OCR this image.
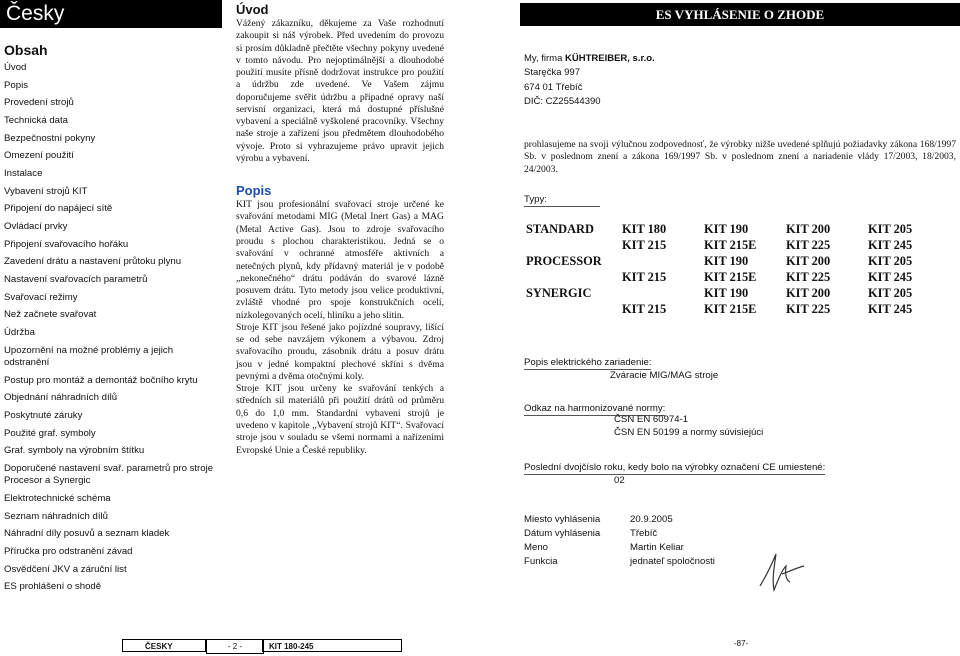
Česky
Obsah
Úvod
Popis
Provedení strojů
Technická data
Bezpečnostní pokyny
Omezení použití
Instalace
Vybavení strojů KIT
Připojení do napájecí sítě
Ovládací prvky
Připojení svařovacího hořáku
Zavedení drátu a nastavení průtoku plynu
Nastavení svařovacích parametrů
Svařovací režimy
Než začnete svařovat
Údržba
Upozornění na možné problémy a jejich odstranění
Postup pro montáž a demontáž bočního krytu
Objednání náhradních dílů
Poskytnuté záruky
Použité graf. symboly
Graf. symboly na výrobním štítku
Doporučené nastavení svař. parametrů pro stroje Procesor a Synergic
Elektrotechnické schéma
Seznam náhradních dílů
Náhradní díly posuvů a seznam kladek
Příručka pro odstranění závad
Osvědčení JKV a záruční list
ES prohlášení o shodě
Úvod

Vážený zákazníku, děkujeme za Vaše rozhodnutí zakoupit si náš výrobek. Před uvedením do provozu si prosím důkladně přečtěte všechny pokyny uvedené v tomto návodu. Pro nejoptimálnější a dlouhodobé použití musíte přísně dodržovat instrukce pro použití a údržbu zde uvedené. Ve Vašem zájmu doporučujeme svěřit údržbu a případné opravy naší servisní organizaci, která má dostupné příslušné vybavení a speciálně vyškolené pracovníky. Všechny naše stroje a zařízení jsou předmětem dlouhodobého vývoje. Proto si vyhrazujeme právo upravit jejich výrobu a vybavení.

Popis

KIT jsou profesionální svařovací stroje určené ke svařování metodami MIG (Metal Inert Gas) a MAG (Metal Active Gas). Jsou to zdroje svařovacího proudu s plochou charakteristikou. Jedná se o svařování v ochranné atmosféře aktivních a netečných plynů, kdy přídavný materiál je v podobě „nekonečného“ drátu podáván do svarové lázně posuvem drátu. Tyto metody jsou velice produktivní, zvláště vhodné pro spoje konstrukčních ocelí, nízkolegovaných ocelí, hliníku a jeho slitin.

Stroje KIT jsou řešené jako pojízdné soupravy, lišící se od sebe navzájem výkonem a výbavou. Zdroj svařovacího proudu, zásobník drátu a posuv drátu jsou v jedné kompaktní plechové skříni s dvěma pevnými a dvěma otočnými koly.

Stroje KIT jsou určeny ke svařování tenkých a středních sil materiálů při použití drátů od průměru 0,6 do 1,0 mm. Standardní vybavení strojů je uvedeno v kapitole „Vybavení strojů KIT“. Svařovací stroje jsou v souladu se všemi normami a nařízeními Evropské Unie a České republiky.

ES VYHLÁSENIE O ZHODE
My, firma KÜHTREIBER, s.r.o.
Staręčka 997
674 01 Třebíč
DIČ: CZ25544390

prohlasujeme na svoji výlučnou zodpovednosť, že výrobky nižše uvedené splňujú požiadavky zákona 168/1997 Sb. v poslednom znení a zákona 169/1997 Sb. v poslednom znení a nariadenie vlády 17/2003, 18/2003, 24/2003.

Typy:
STANDARD	KIT 180	KIT 190	KIT 200	KIT 205
	KIT 215	KIT 215E	KIT 225	KIT 245
PROCESSOR		KIT 190	KIT 200	KIT 205
	KIT 215	KIT 215E	KIT 225	KIT 245
SYNERGIC		KIT 190	KIT 200	KIT 205
	KIT 215	KIT 215E	KIT 225	KIT 245
Popis elektrického zariadenie:
Zváracie MIG/MAG stroje
Odkaz na harmonizované normy:
ČSN EN 60974-1
ČSN EN 50199 a normy súvisiejúci
Poslední dvojčíslo roku, kedy bolo na výrobky označení CE umiestené:
02
Miesto vyhlásenia	20.9.2005
Dátum vyhlásenia	Třebíč
Meno	Martin Keliar
Funkcia	jednateľ spoločnosti
ČESKY	- 2 -	KIT 180-245	-87-
